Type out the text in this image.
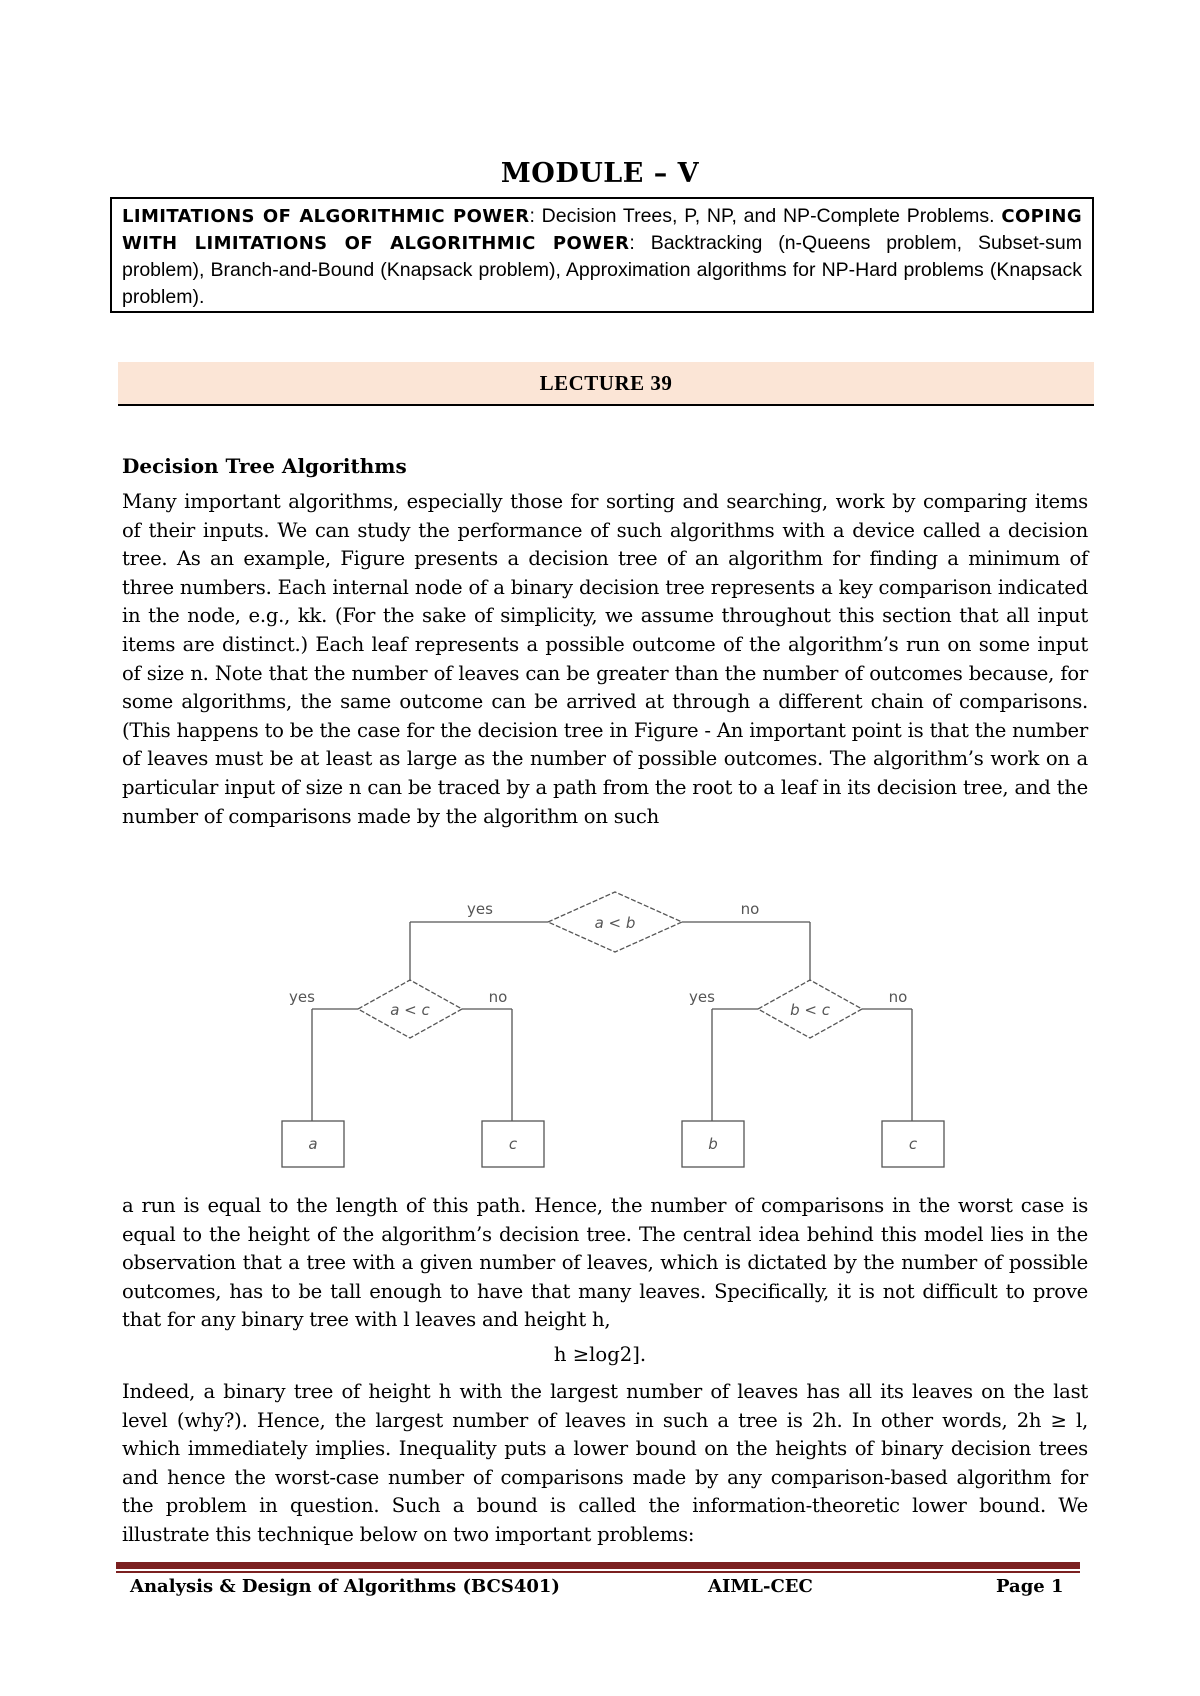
MODULE – V
LIMITATIONS OF ALGORITHMIC POWER: Decision Trees, P, NP, and NP-Complete Problems. COPING WITH LIMITATIONS OF ALGORITHMIC POWER: Backtracking (n-Queens problem, Subset-sum problem), Branch-and-Bound (Knapsack problem), Approximation algorithms for NP-Hard problems (Knapsack problem).
LECTURE 39
Decision Tree Algorithms
Many important algorithms, especially those for sorting and searching, work by comparing items of their inputs. We can study the performance of such algorithms with a device called a decision tree. As an example, Figure presents a decision tree of an algorithm for finding a minimum of three numbers. Each internal node of a binary decision tree represents a key comparison indicated in the node, e.g., kk. (For the sake of simplicity, we assume throughout this section that all input items are distinct.) Each leaf represents a possible outcome of the algorithm’s run on some input of size n. Note that the number of leaves can be greater than the number of outcomes because, for some algorithms, the same outcome can be arrived at through a different chain of comparisons. (This happens to be the case for the decision tree in Figure - An important point is that the number of leaves must be at least as large as the number of possible outcomes. The algorithm’s work on a particular input of size n can be traced by a path from the root to a leaf in its decision tree, and the number of comparisons made by the algorithm on such
a < b
a < c	b < c
yes	no
yes	no	yes	no
a	c	b	c
a run is equal to the length of this path. Hence, the number of comparisons in the worst case is equal to the height of the algorithm’s decision tree. The central idea behind this model lies in the observation that a tree with a given number of leaves, which is dictated by the number of possible outcomes, has to be tall enough to have that many leaves. Specifically, it is not difficult to prove that for any binary tree with l leaves and height h,
h ≥log2].
Indeed, a binary tree of height h with the largest number of leaves has all its leaves on the last level (why?). Hence, the largest number of leaves in such a tree is 2h. In other words, 2h ≥ l, which immediately implies. Inequality puts a lower bound on the heights of binary decision trees and hence the worst-case number of comparisons made by any comparison-based algorithm for the problem in question. Such a bound is called the information-theoretic lower bound. We illustrate this technique below on two important problems:
Analysis & Design of Algorithms (BCS401)	AIML-CEC	Page 1
